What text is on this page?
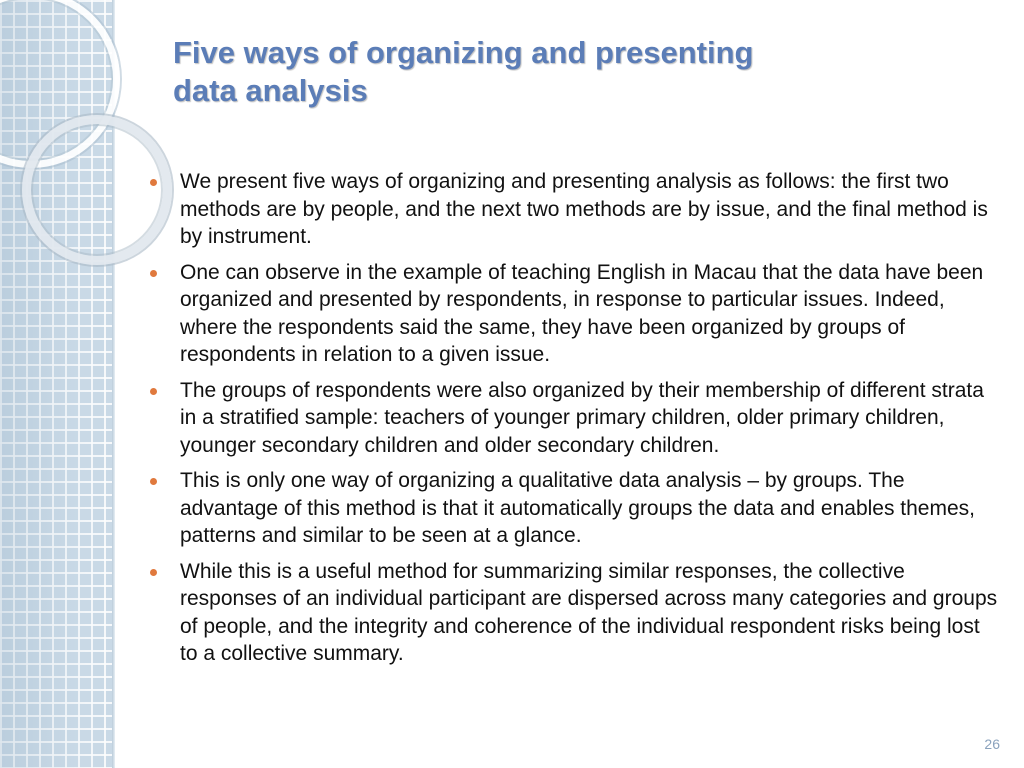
Five ways of organizing and presenting
data analysis
We present five ways of organizing and presenting analysis as follows: the first two methods are by people, and the next two methods are by issue, and the final method is by instrument.
One can observe in the example of teaching English in Macau that the data have been organized and presented by respondents, in response to particular issues. Indeed, where the respondents said the same, they have been organized by groups of respondents in relation to a given issue.
The groups of respondents were also organized by their membership of different strata in a stratified sample: teachers of younger primary children, older primary children, younger secondary children and older secondary children.
This is only one way of organizing a qualitative data analysis – by groups. The advantage of this method is that it automatically groups the data and enables themes, patterns and similar to be seen at a glance.
While this is a useful method for summarizing similar responses, the collective responses of an individual participant are dispersed across many categories and groups of people, and the integrity and coherence of the individual respondent risks being lost to a collective summary.
26
